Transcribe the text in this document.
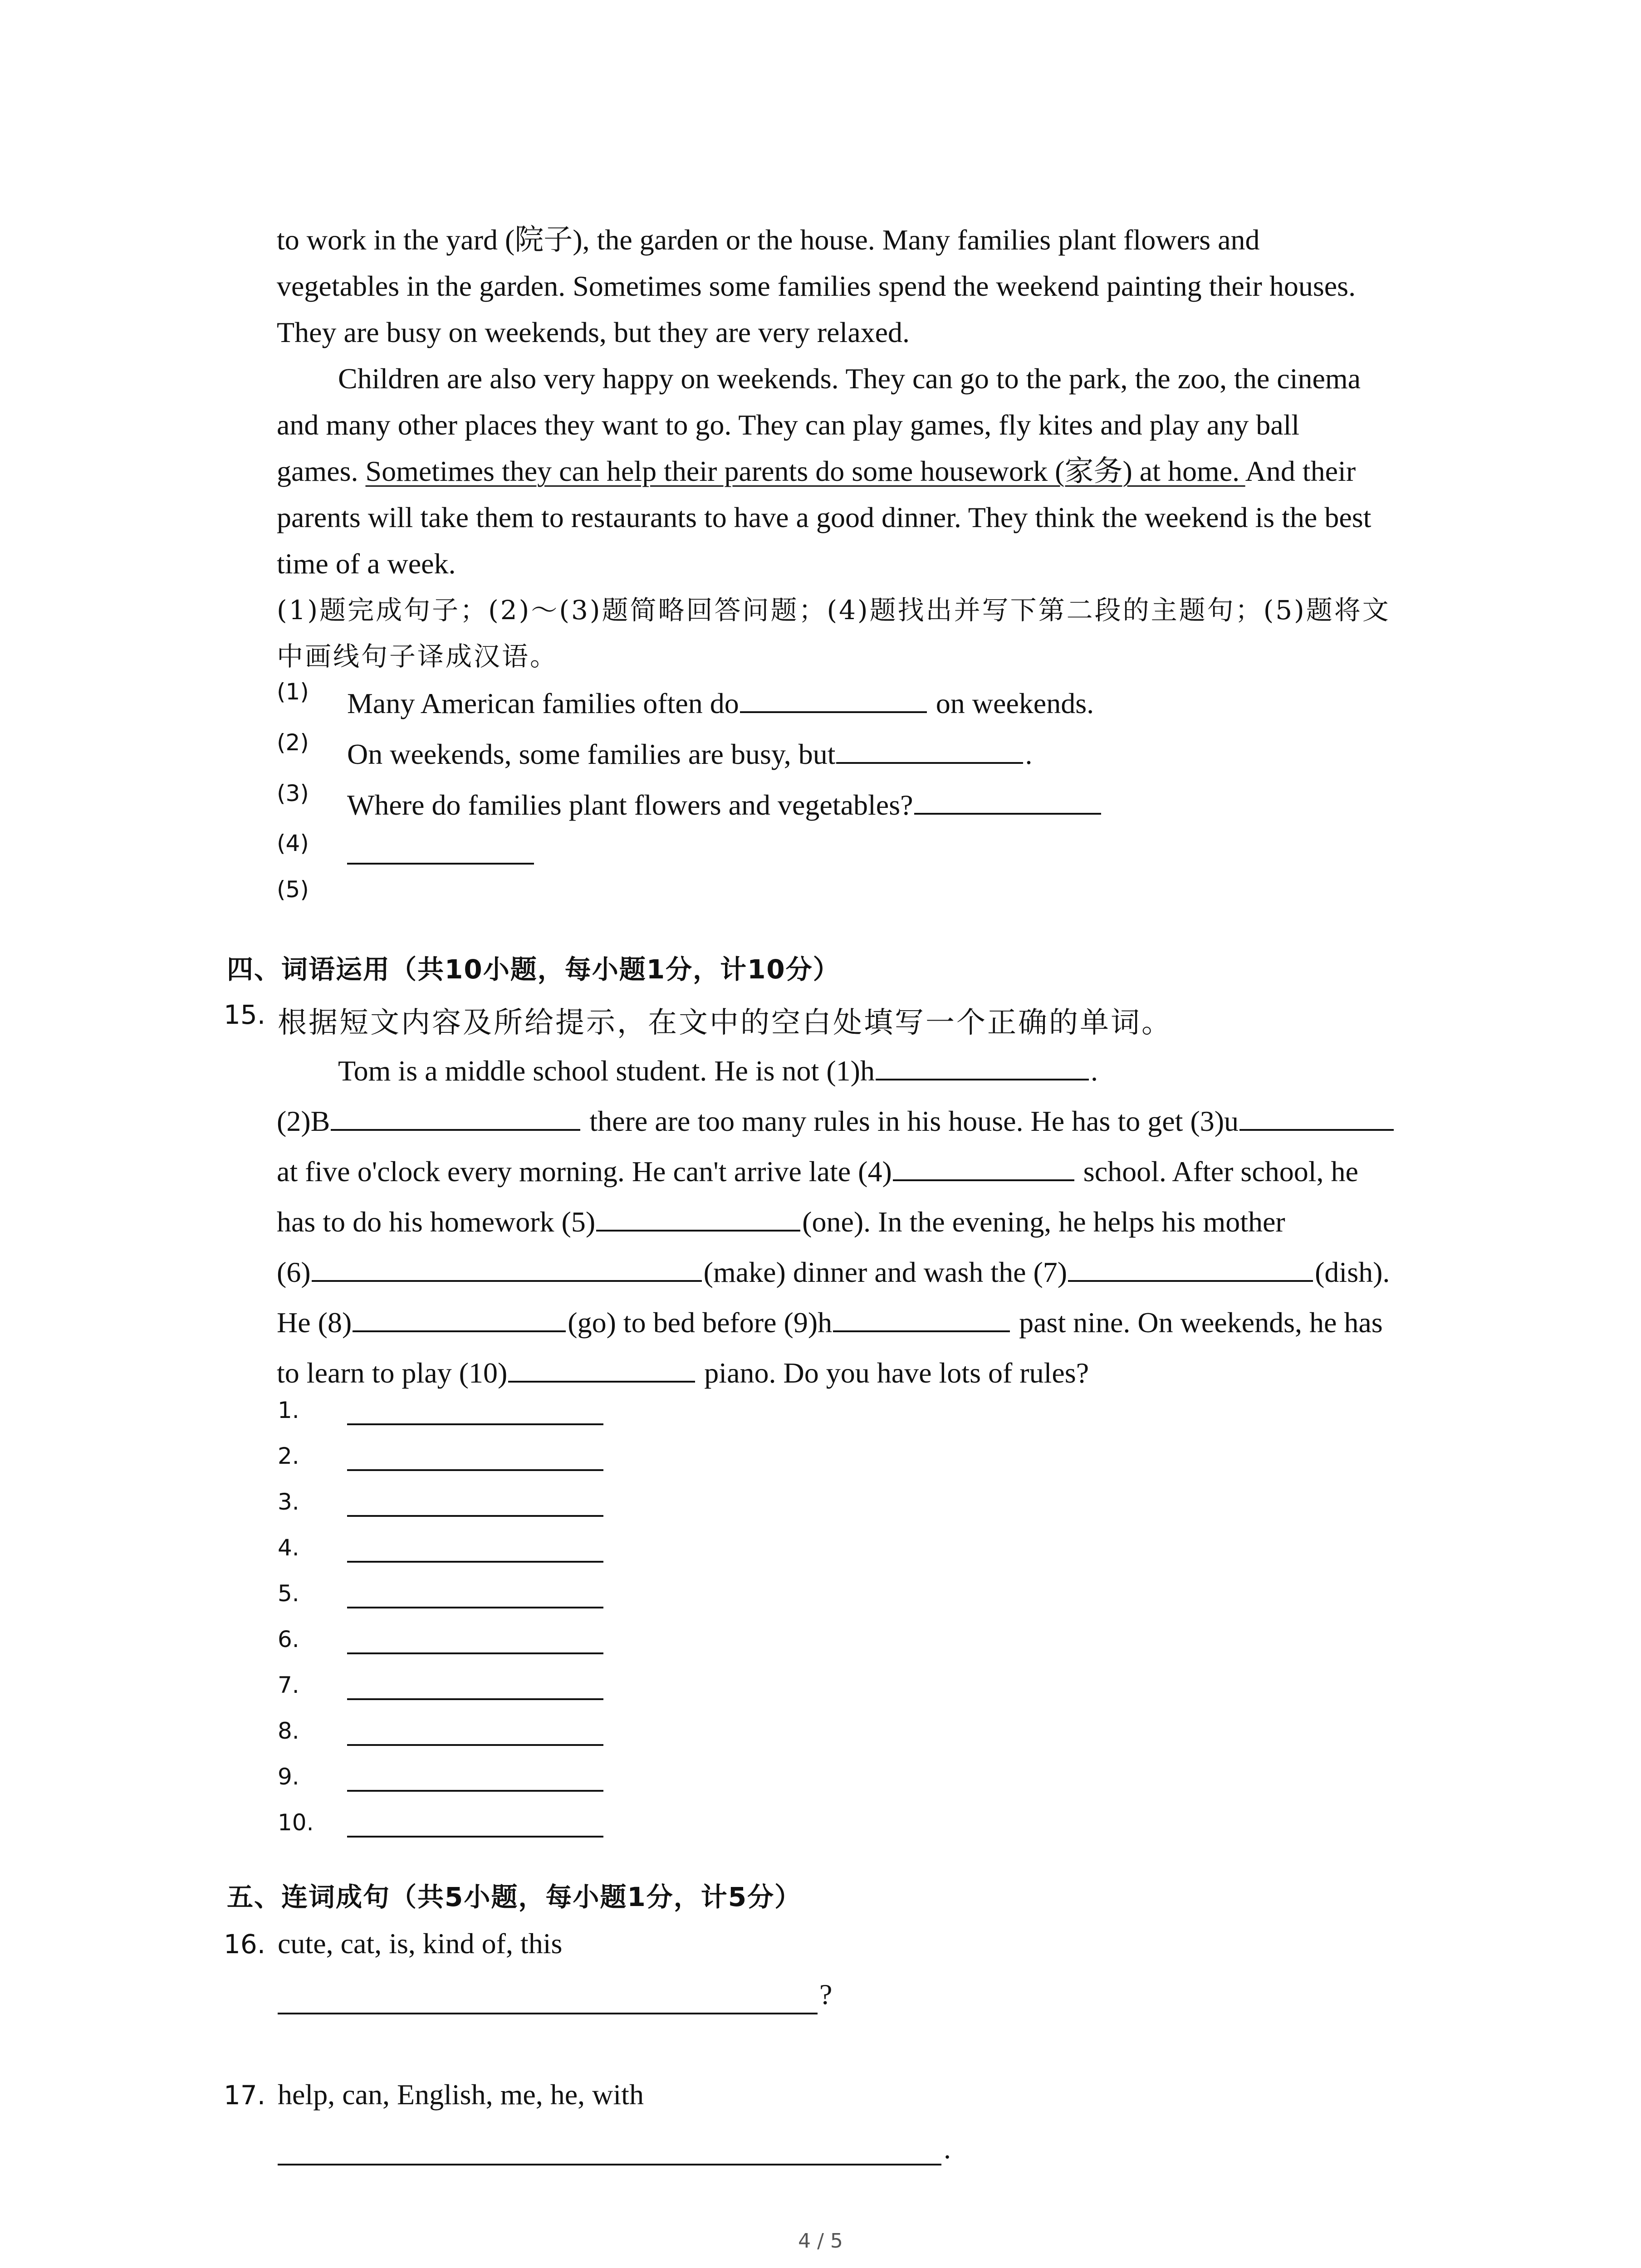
to work in the yard (院子), the garden or the house. Many families plant flowers and
vegetables in the garden. Sometimes some families spend the weekend painting their houses.
They are busy on weekends, but they are very relaxed.
Children are also very happy on weekends. They can go to the park, the zoo, the cinema
and many other places they want to go. They can play games, fly kites and play any ball
games. Sometimes they can help their parents do some housework (家务) at home. And their
parents will take them to restaurants to have a good dinner. They think the weekend is the best
time of a week.
(1)题完成句子；(2)～(3)题简略回答问题；(4)题找出并写下第二段的主题句；(5)题将文
中画线句子译成汉语。
(1) Many American families often do	on weekends.
(2) On weekends, some families are busy, but	.
(3) Where do families plant flowers and vegetables?
(4)
(5)
四、词语运用（共10小题，每小题1分，计10分）
15. 根据短文内容及所给提示，在文中的空白处填写一个正确的单词。
Tom is a middle school student. He is not (1)h	.
(2)B	there are too many rules in his house. He has to get (3)u
at five o'clock every morning. He can't arrive late (4)	school. After school, he
has to do his homework (5)	(one). In the evening, he helps his mother
(6)	(make) dinner and wash the (7)	(dish).
He (8)	(go) to bed before (9)h	past nine. On weekends, he has
to learn to play (10)	piano. Do you have lots of rules?
1.
2.
3.
4.
5.
6.
7.
8.
9.
10.
五、连词成句（共5小题，每小题1分，计5分）
16. cute, cat, is, kind of, this
?
17. help, can, English, me, he, with
.
4 / 5
